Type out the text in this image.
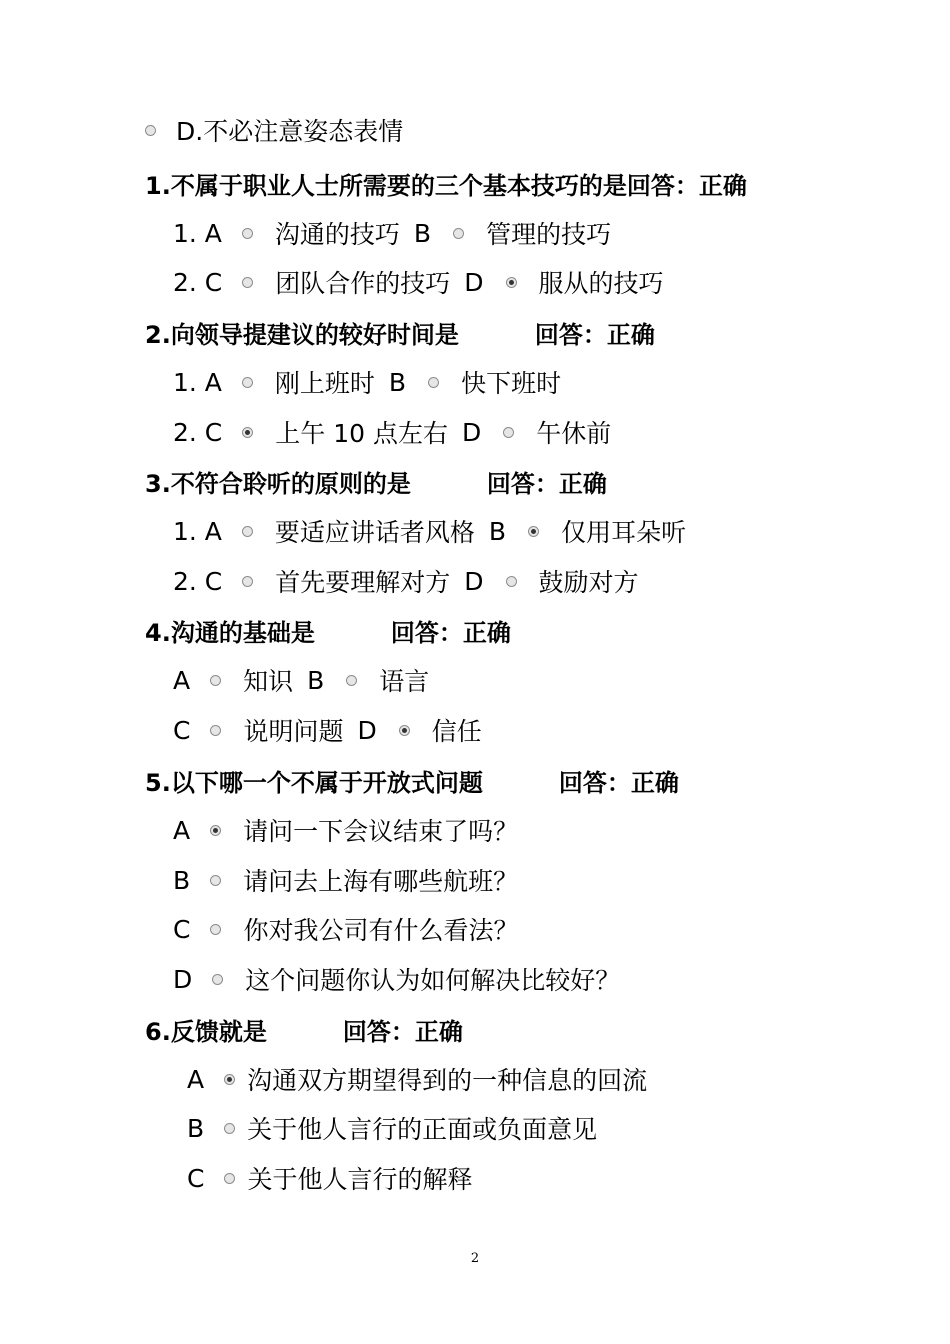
D.不必注意姿态表情
1.不属于职业人士所需要的三个基本技巧的是 回答：正确
1. A 沟通的技巧 B 管理的技巧
2. C 团队合作的技巧 D 服从的技巧
2.向领导提建议的较好时间是	回答：正确
1. A 刚上班时 B 快下班时
2. C 上午 10 点左右 D 午休前
3.不符合聆听的原则的是	回答：正确
1. A 要适应讲话者风格 B 仅用耳朵听
2. C 首先要理解对方 D 鼓励对方
4.沟通的基础是	回答：正确
A 知识 B 语言
C 说明问题 D 信任
5.以下哪一个不属于开放式问题	回答：正确
A 请问一下会议结束了吗？
B 请问去上海有哪些航班？
C 你对我公司有什么看法？
D 这个问题你认为如何解决比较好？
6.反馈就是	回答：正确
A 沟通双方期望得到的一种信息的回流
B 关于他人言行的正面或负面意见
C 关于他人言行的解释
2
